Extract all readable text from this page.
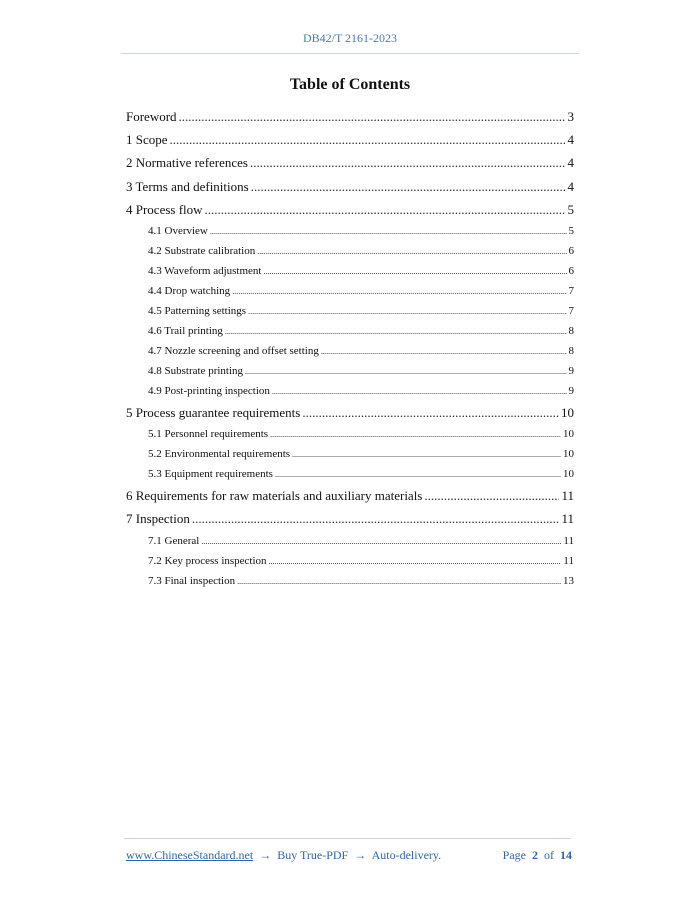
DB42/T 2161-2023
Table of Contents
Foreword .....	3
1 Scope .....	4
2 Normative references .....	4
3 Terms and definitions .....	4
4 Process flow .....	5
4.1 Overview .....	5
4.2 Substrate calibration .....	6
4.3 Waveform adjustment .....	6
4.4 Drop watching .....	7
4.5 Patterning settings .....	7
4.6 Trail printing .....	8
4.7 Nozzle screening and offset setting .....	8
4.8 Substrate printing .....	9
4.9 Post-printing inspection .....	9
5 Process guarantee requirements .....	10
5.1 Personnel requirements .....	10
5.2 Environmental requirements .....	10
5.3 Equipment requirements .....	10
6 Requirements for raw materials and auxiliary materials .....	11
7 Inspection .....	11
7.1 General .....	11
7.2 Key process inspection .....	11
7.3 Final inspection .....	13
www.ChineseStandard.net → Buy True-PDF → Auto-delivery.	Page 2 of 14
